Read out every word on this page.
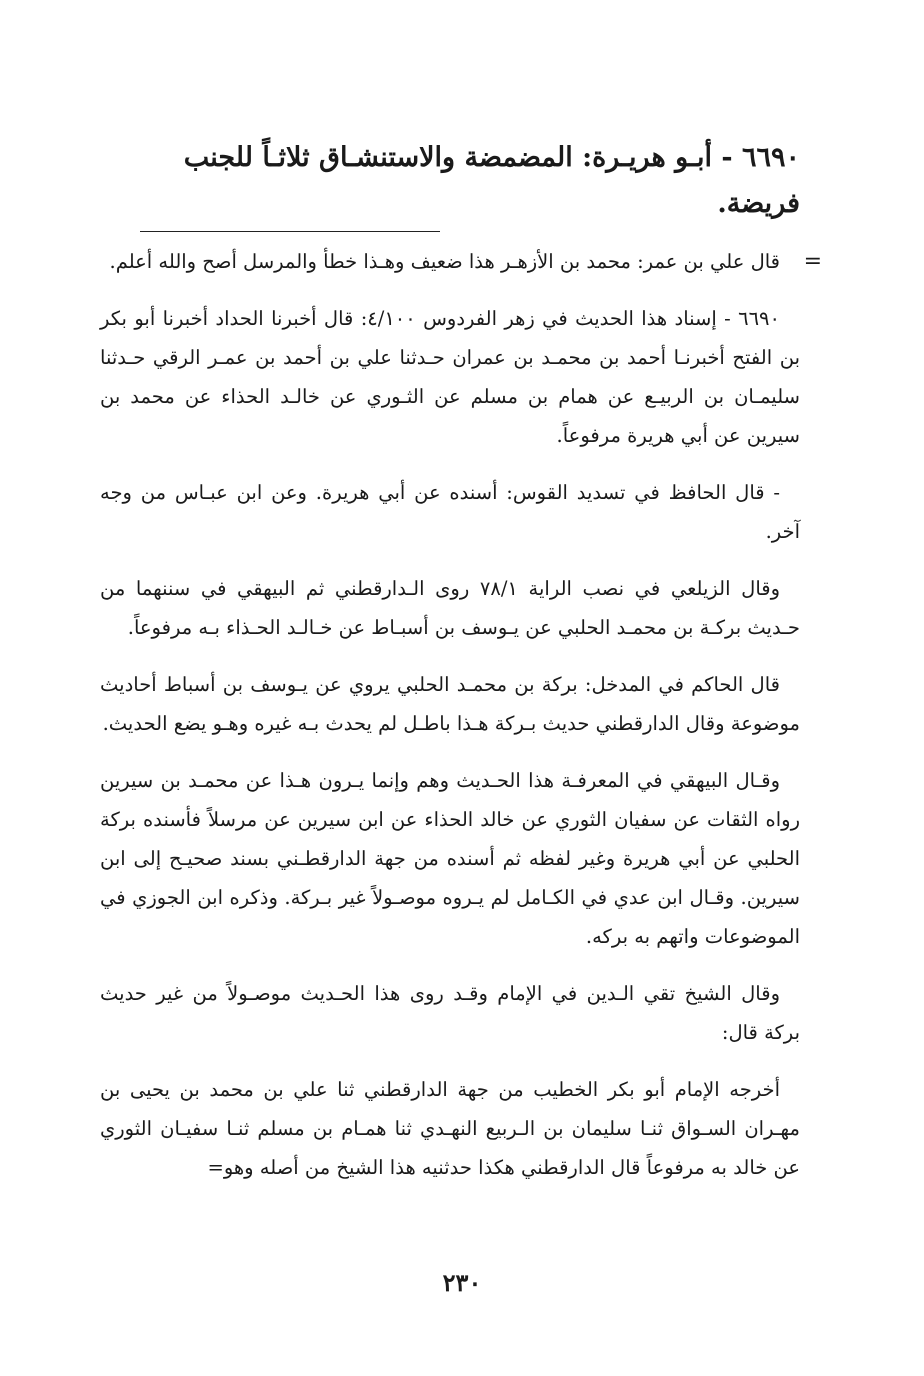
٦٦٩٠ - أبـو هريـرة: المضمضة والاستنشـاق ثلاثـاً للجنب
فريضة.

=

قال علي بن عمر: محمد بن الأزهـر هذا ضعيف وهـذا خطأ والمرسل أصح والله أعلم.

٦٦٩٠ - إسناد هذا الحديث في زهر الفردوس ٤/١٠٠: قال أخبرنا الحداد أخبرنا أبو بكر بن الفتح أخبرنـا أحمد بن محمـد بن عمران حـدثنا علي بن أحمد بن عمـر الرقي حـدثنا سليمـان بن الربيـع عن همام بن مسلم عن الثـوري عن خالـد الحذاء عن محمد بن سيرين عن أبي هريرة مرفوعاً.

- قال الحافظ في تسديد القوس: أسنده عن أبي هريرة. وعن ابن عبـاس من وجه آخر.

وقال الزيلعي في نصب الراية ٧٨/١ روى الـدارقطني ثم البيهقي في سننهما من حـديث بركـة بن محمـد الحلبي عن يـوسف بن أسبـاط عن خـالـد الحـذاء بـه مرفوعاً.

قال الحاكم في المدخل: بركة بن محمـد الحلبي يروي عن يـوسف بن أسباط أحاديث موضوعة وقال الدارقطني حديث بـركة هـذا باطـل لم يحدث بـه غيره وهـو يضع الحديث.

وقـال البيهقي في المعرفـة هذا الحـديث وهم وإنما يـرون هـذا عن محمـد بن سيرين رواه الثقات عن سفيان الثوري عن خالد الحذاء عن ابن سيرين عن مرسلاً فأسنده بركة الحلبي عن أبي هريرة وغير لفظه ثم أسنده من جهة الدارقطـني بسند صحيـح إلى ابن سيرين. وقـال ابن عدي في الكـامل لم يـروه موصـولاً غير بـركة. وذكره ابن الجوزي في الموضوعات واتهم به بركه.

وقال الشيخ تقي الـدين في الإمام وقـد روى هذا الحـديث موصـولاً من غير حديث بركة قال:

أخرجه الإمام أبو بكر الخطيب من جهة الدارقطني ثنا علي بن محمد بن يحيى بن مهـران السـواق ثنـا سليمان بن الـربيع النهـدي ثنا همـام بن مسلم ثنـا سفيـان الثوري عن خالد به مرفوعاً قال الدارقطني هكذا حدثنيه هذا الشيخ من أصله وهو=

٢٣٠
